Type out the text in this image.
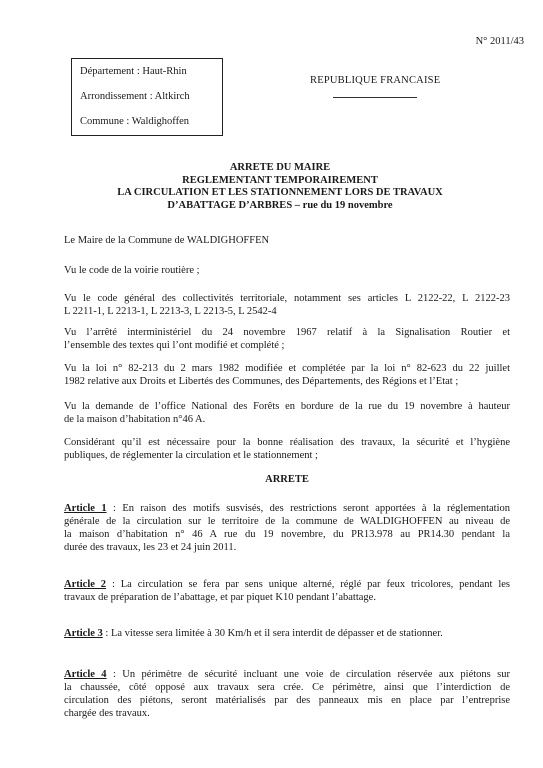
N° 2011/43
Département : Haut-Rhin
Arrondissement : Altkirch
Commune : Waldighoffen
REPUBLIQUE FRANCAISE
ARRETE DU MAIRE
REGLEMENTANT TEMPORAIREMENT
LA CIRCULATION ET LES STATIONNEMENT LORS DE TRAVAUX
D’ABATTAGE D’ARBRES – rue du 19 novembre
Le Maire de la Commune de WALDIGHOFFEN
Vu le code de la voirie routière ;
Vu le code général des collectivités territoriale, notamment ses articles L 2122-22, L 2122-23
L 2211-1, L 2213-1, L 2213-3, L 2213-5, L 2542-4
Vu l’arrêté interministériel du 24 novembre 1967 relatif à la Signalisation Routier et
l’ensemble des textes qui l’ont modifié et complété ;
Vu la loi n° 82-213 du 2 mars 1982 modifiée et complétée par la loi n° 82-623 du 22 juillet
1982 relative aux Droits et Libertés des Communes, des Départements, des Régions et l’Etat ;
Vu la demande de l’office National des Forêts en bordure de la rue du 19 novembre à hauteur
de la maison d’habitation n°46 A.
Considérant qu’il est nécessaire pour la bonne réalisation des travaux, la sécurité et l’hygiène
publiques, de réglementer la circulation et le stationnement ;
ARRETE
Article 1 : En raison des motifs susvisés, des restrictions seront apportées à la réglementation
générale de la circulation sur le territoire de la commune de WALDIGHOFFEN au niveau de
la maison d’habitation n° 46 A rue du 19 novembre, du PR13.978 au PR14.30 pendant la
durée des travaux, les 23 et 24 juin 2011.
Article 2 : La circulation se fera par sens unique alterné, réglé par feux tricolores, pendant les
travaux de préparation de l’abattage, et par piquet K10 pendant l’abattage.
Article 3 : La vitesse sera limitée à 30 Km/h et il sera interdit de dépasser et de stationner.
Article 4 : Un périmètre de sécurité incluant une voie de circulation réservée aux piétons sur
la chaussée, côté opposé aux travaux sera crée. Ce périmètre, ainsi que l’interdiction de
circulation des piétons, seront matérialisés par des panneaux mis en place par l’entreprise
chargée des travaux.
